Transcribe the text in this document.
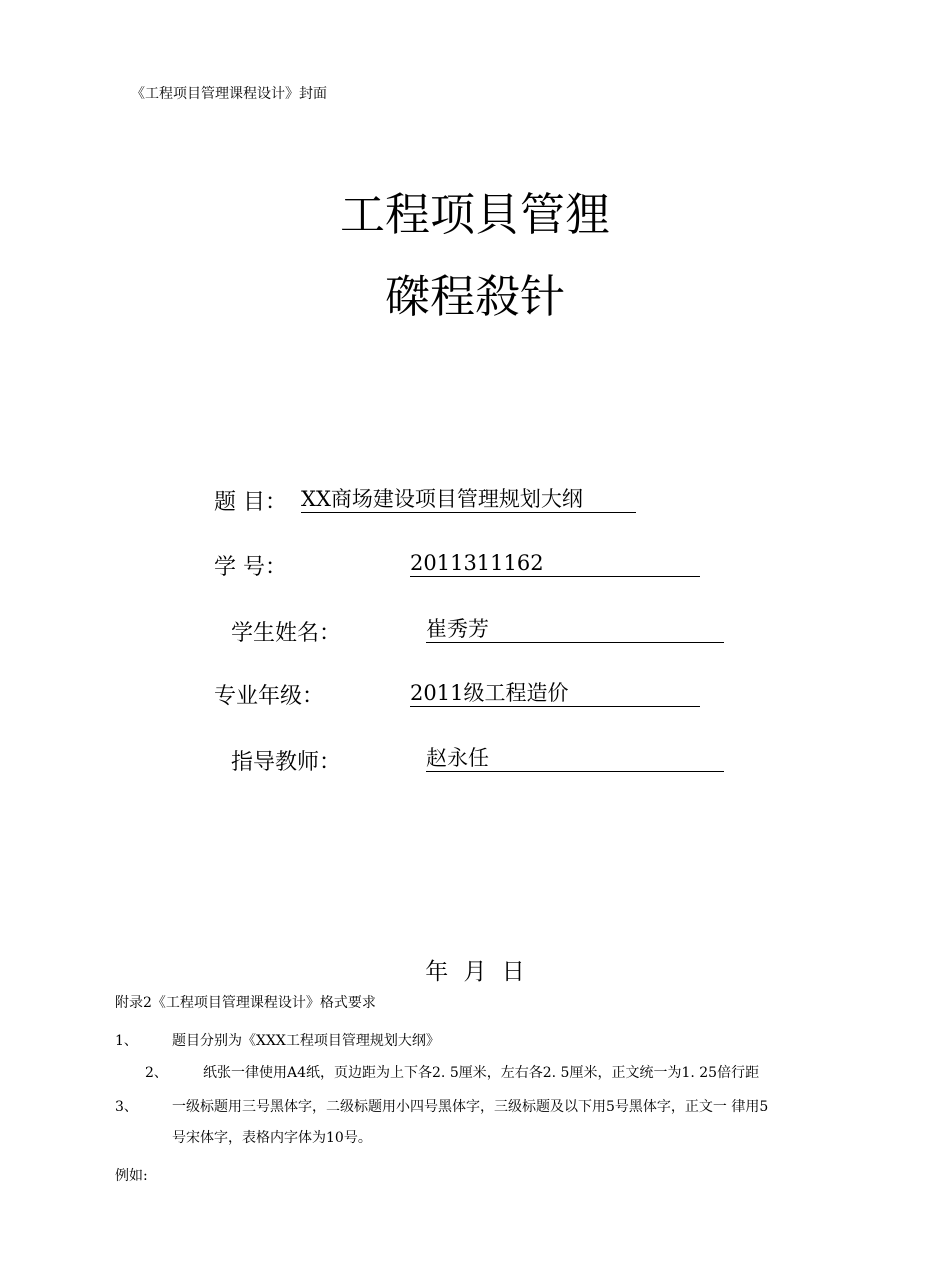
《工程项目管理课程设计》封面
工程项貝管狸
磔程殺针
题 目： XX商场建设项目管理规划大纲
学 号：	2011311162
学生姓名：	崔秀芳
专业年级：	2011级工程造价
指导教师：	赵永任
年 月 日
附录2《工程项目管理课程设计》格式要求
1、 题目分别为《XXX工程项目管理规划大纲》
2、	纸张一律使用A4纸，页边距为上下各2. 5厘米，左右各2. 5厘米，正文统一为1. 25倍行距
3、 一级标题用三号黑体字，二级标题用小四号黑体字，三级标题及以下用5号黑体字，正文一 律用5
号宋体字，表格内字体为10号。
例如:
